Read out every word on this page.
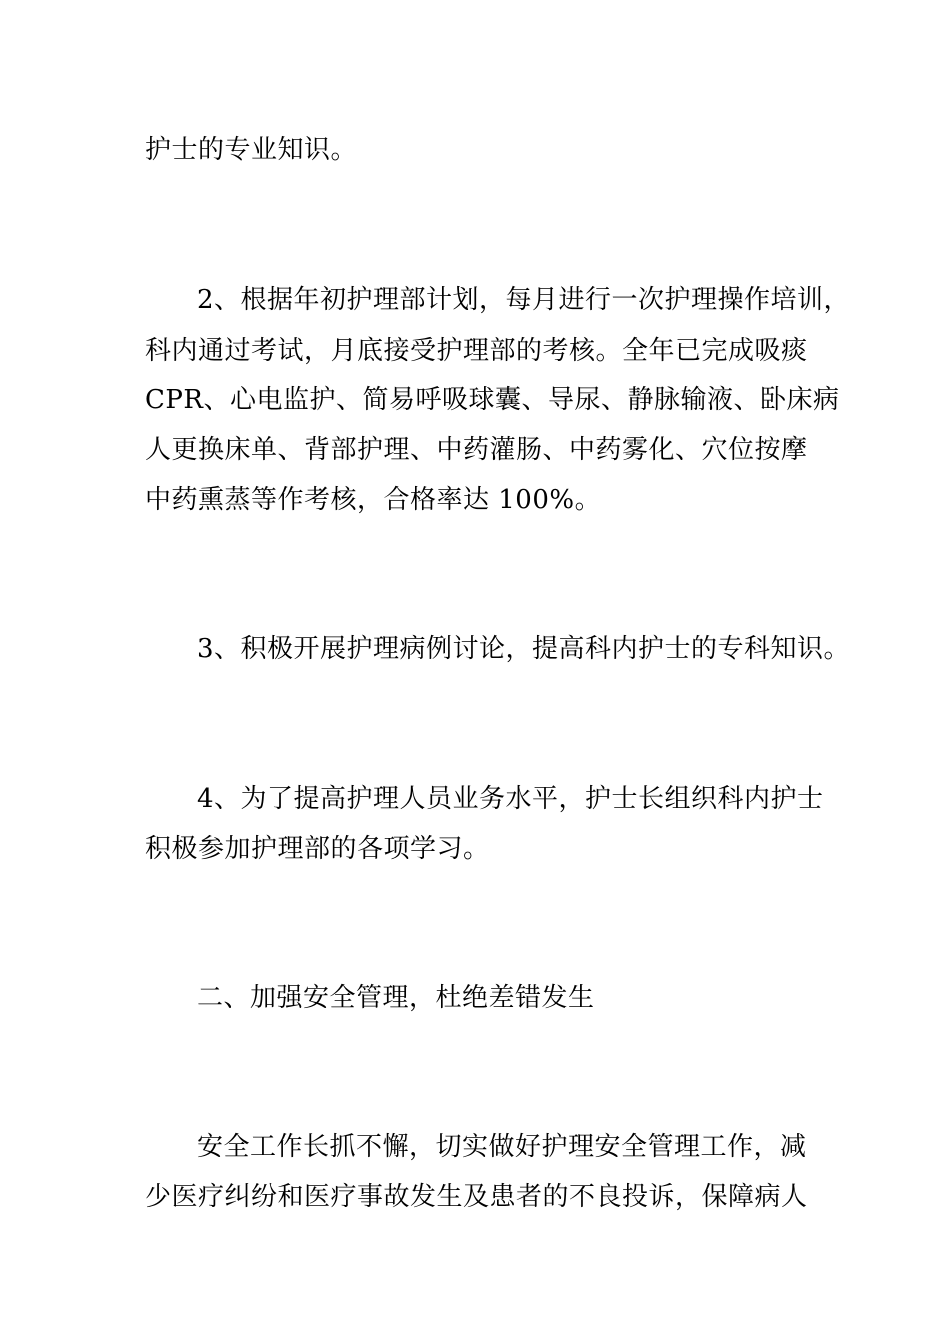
护士的专业知识。

2、根据年初护理部计划，每月进行一次护理操作培训，

科内通过考试，月底接受护理部的考核。全年已完成吸痰

CPR、心电监护、简易呼吸球囊、导尿、静脉输液、卧床病

人更换床单、背部护理、中药灌肠、中药雾化、穴位按摩

中药熏蒸等作考核，合格率达 100%。

3、积极开展护理病例讨论，提高科内护士的专科知识。

4、为了提高护理人员业务水平，护士长组织科内护士

积极参加护理部的各项学习。

二、加强安全管理，杜绝差错发生

安全工作长抓不懈，切实做好护理安全管理工作，减

少医疗纠纷和医疗事故发生及患者的不良投诉，保障病人
